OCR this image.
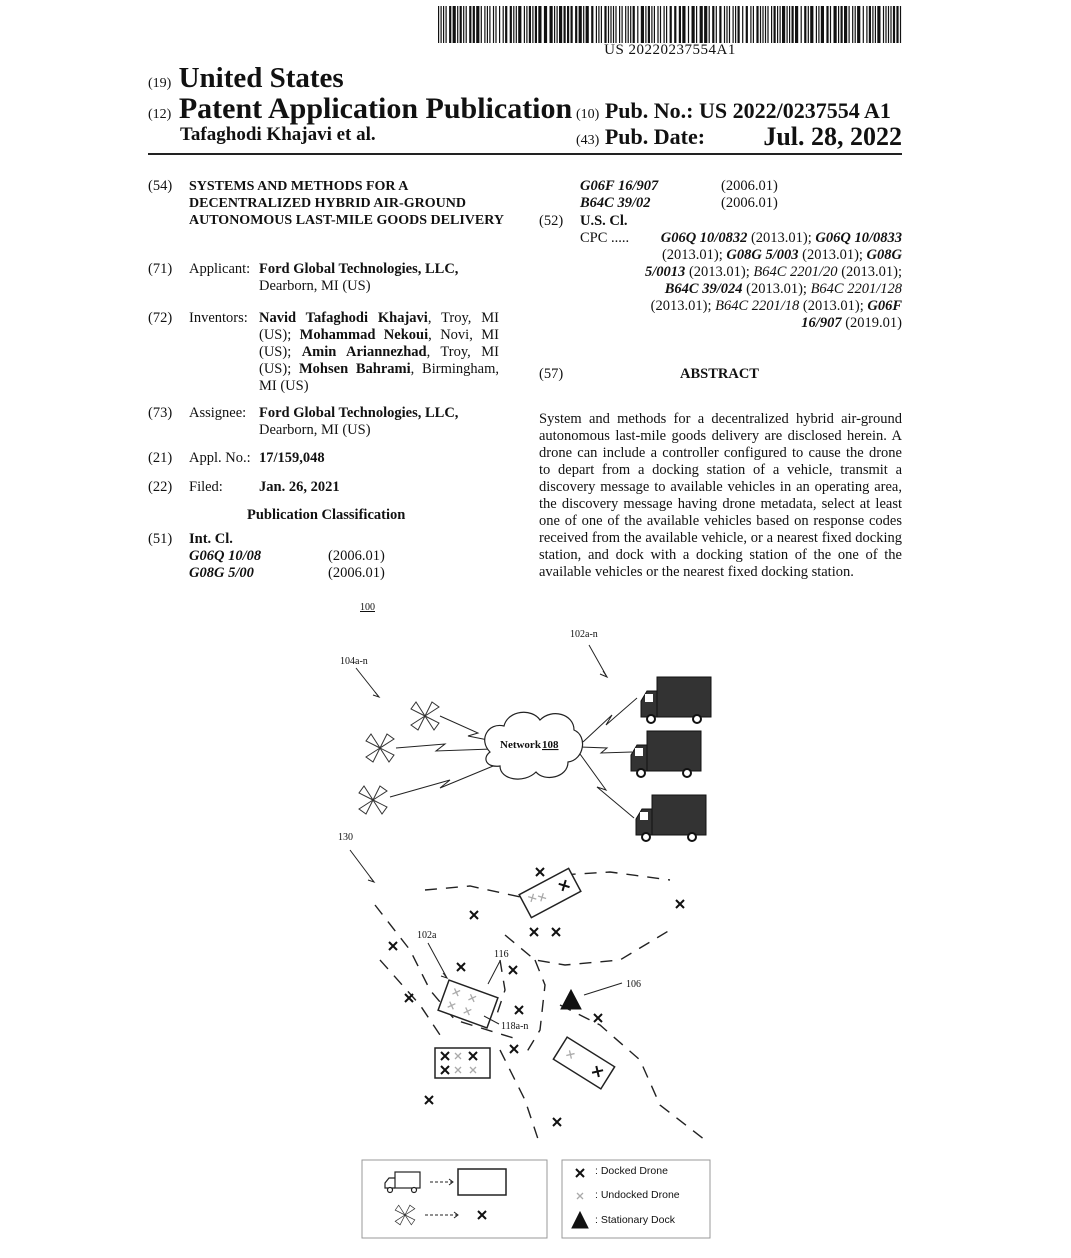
US 20220237554A1
(19) United States
(12) Patent Application Publication
Tafaghodi Khajavi et al.
(10) Pub. No.: US 2022/0237554 A1
(43) Pub. Date: Jul. 28, 2022
(54) SYSTEMS AND METHODS FOR A DECENTRALIZED HYBRID AIR-GROUND AUTONOMOUS LAST-MILE GOODS DELIVERY
(71) Applicant: Ford Global Technologies, LLC,
Dearborn, MI (US)
(72) Inventors: Navid Tafaghodi Khajavi, Troy, MI (US); Mohammad Nekoui, Novi, MI (US); Amin Ariannezhad, Troy, MI (US); Mohsen Bahrami, Birmingham, MI (US)
(73) Assignee: Ford Global Technologies, LLC,
Dearborn, MI (US)
(21) Appl. No.: 17/159,048
(22) Filed: Jan. 26, 2021
Publication Classification
(51) Int. Cl.
G06Q 10/08	(2006.01)
G08G 5/00	(2006.01)
G06F 16/907	(2006.01)
B64C 39/02	(2006.01)
(52) U.S. Cl.
CPC .....	G06Q 10/0832 (2013.01); G06Q 10/0833
(2013.01); G08G 5/003 (2013.01); G08G
5/0013 (2013.01); B64C 2201/20 (2013.01);
B64C 39/024 (2013.01); B64C 2201/128
(2013.01); B64C 2201/18 (2013.01); G06F
16/907 (2019.01)
(57)	ABSTRACT
System and methods for a decentralized hybrid air-ground autonomous last-mile goods delivery are disclosed herein. A drone can include a controller configured to cause the drone to depart from a docking station of a vehicle, transmit a discovery message to available vehicles in an operating area, the discovery message having drone metadata, select at least one of one of the available vehicles based on response codes received from the available vehicle, or a nearest fixed docking station, and dock with a docking station of the one of the available vehicles or the nearest fixed docking station.
100
102a-n
104a-n
Network 108
130
106
102a
116
118a-n
: Docked Drone
: Undocked Drone
: Stationary Dock
